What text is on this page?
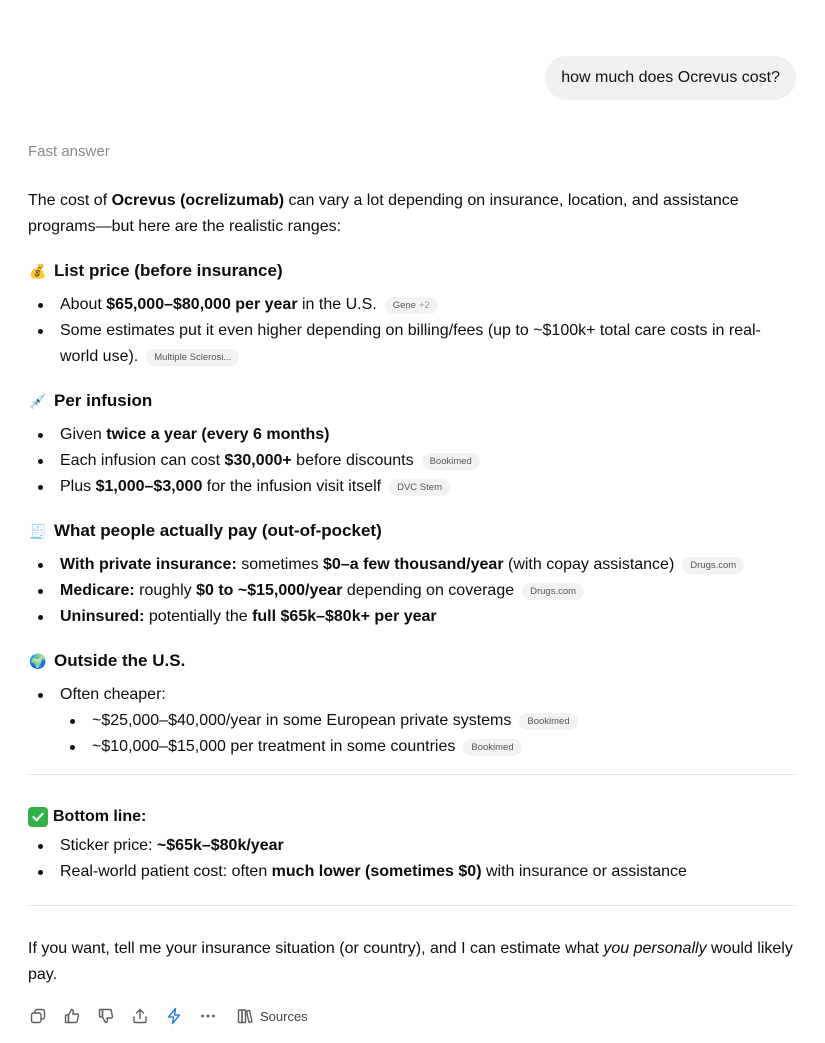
how much does Ocrevus cost?
Fast answer

The cost of Ocrevus (ocrelizumab) can vary a lot depending on insurance, location, and assistance programs—but here are the realistic ranges:

💰 List price (before insurance)
About $65,000–$80,000 per year in the U.S. Gene +2
Some estimates put it even higher depending on billing/fees (up to ~$100k+ total care costs in real-world use). Multiple Sclerosi...
💉 Per infusion
Given twice a year (every 6 months)
Each infusion can cost $30,000+ before discounts Bookimed
Plus $1,000–$3,000 for the infusion visit itself DVC Stem
🧾 What people actually pay (out-of-pocket)
With private insurance: sometimes $0–a few thousand/year (with copay assistance) Drugs.com
Medicare: roughly $0 to ~$15,000/year depending on coverage Drugs.com
Uninsured: potentially the full $65k–$80k+ per year
🌍 Outside the U.S.
Often cheaper:
~$25,000–$40,000/year in some European private systems Bookimed
~$10,000–$15,000 per treatment in some countries Bookimed
Bottom line:
Sticker price: ~$65k–$80k/year
Real-world patient cost: often much lower (sometimes $0) with insurance or assistance

If you want, tell me your insurance situation (or country), and I can estimate what you personally would likely pay.

Sources
